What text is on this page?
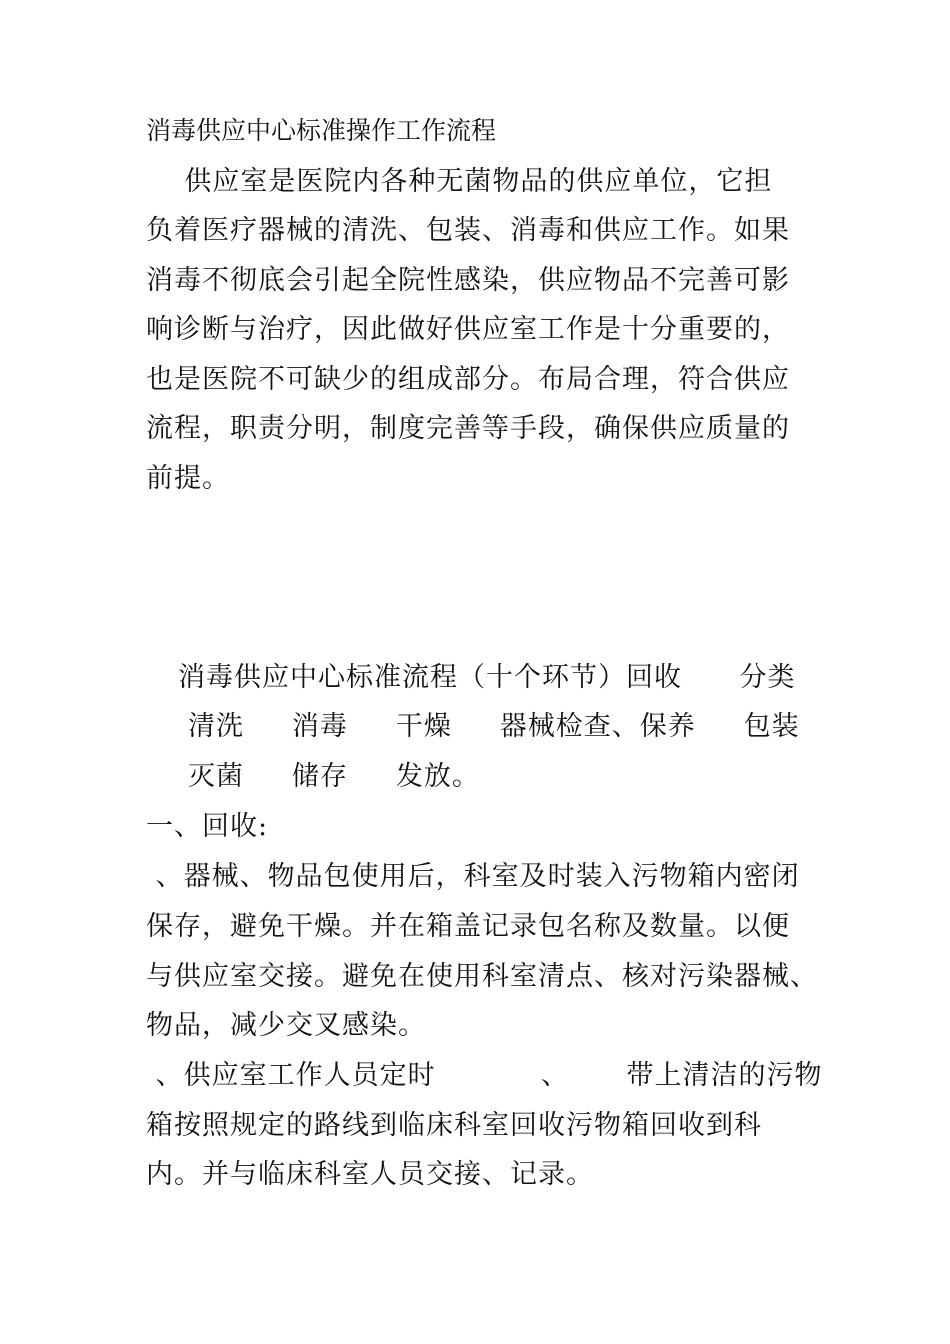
消毒供应中心标准操作工作流程
供应室是医院内各种无菌物品的供应单位，它担
负着医疗器械的清洗、包装、消毒和供应工作。如果
消毒不彻底会引起全院性感染，供应物品不完善可影
响诊断与治疗，因此做好供应室工作是十分重要的，
也是医院不可缺少的组成部分。布局合理，符合供应
流程，职责分明，制度完善等手段，确保供应质量的
前提。
消毒供应中心标准流程（十个环节）回收      分类
清洗     消毒     干燥     器械检查、保养     包装
灭菌     储存     发放。
一、回收:
、器械、物品包使用后，科室及时装入污物箱内密闭
保存，避免干燥。并在箱盖记录包名称及数量。以便
与供应室交接。避免在使用科室清点、核对污染器械、
物品，减少交叉感染。
、供应室工作人员定时           、      带上清洁的污物
箱按照规定的路线到临床科室回收污物箱回收到科
内。并与临床科室人员交接、记录。
